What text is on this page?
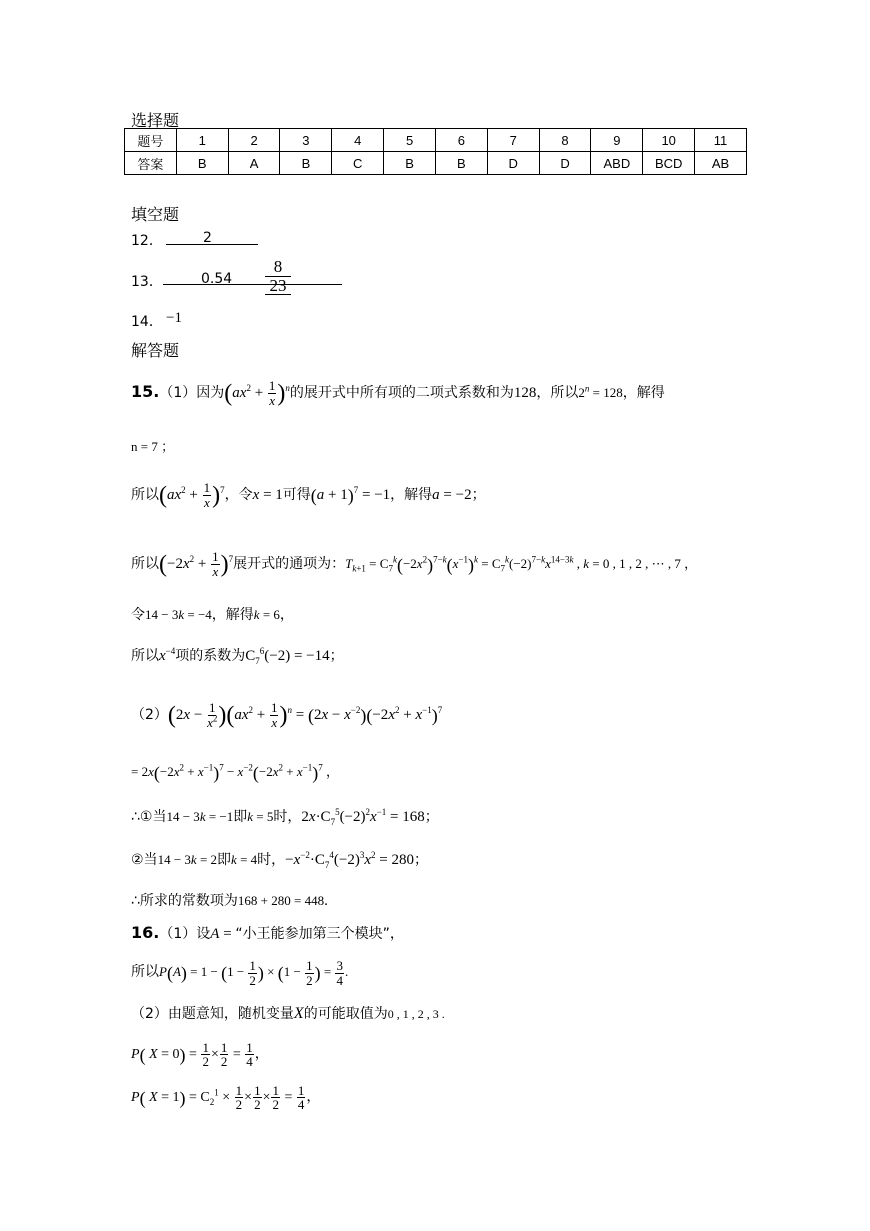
选择题
题号	1	2	3	4	5	6	7	8	9	10	11
答案	B	A	B	C	B	B	D	D	ABD	BCD	AB
填空题
12．	2
13．	$0.54 \frac{8}{23}$
14． −1
解答题
15.（1）因为$(ax^2 + \frac{1}{x} )^n$的展开式中所有项的二项式系数和为128，所以$2^n = 128$，解得
n = 7 ；
所以$(ax^2 + \frac{1}{x} )^7$，令x = 1可得$(a + 1)^7 = -1$，解得a = −2；
所以$(-2x^2 + \frac{1}{x} )^7$展开式的通项为：$T_{k+1} = C_7^k(-2x^2)^{7-k}(x^{-1})^k = C_7^k(-2)^{7-k}x^{14-3k}$ , k = 0 , 1 , 2 , ⋯ , 7 ，
令14 − 3k = −4，解得k = 6，
所以$x^{-4}$项的系数为$C_7^6(-2) = -14$；
$(2)(2x - \frac{1}{x^2} )(ax^2 + \frac{1}{x} )^n = (2x - x^{-2})(-2x^2 + x^{-1})^7$
= $2x(-2x^2 + x^{-1})^7 - x^{-2}(-2x^2 + x^{-1})^7$ ，
∴①当14 − 3k = −1即k = 5时，$2x\cdot C_7^5(-2)^2x^{-1} = 168$；
②当14 − 3k = 2即k = 4时，$-x^{-2}\cdot C_7^4(-2)^3x^2 = 280$；
∴所求的常数项为168 + 280 = 448.
16.（1）设A = “小王能参加第三个模块”，
所以$P(A) = 1 - (1 - \frac{1}{2}$ ) × ($1 - \frac{1}{2}$ ) = $\frac{3}{4}$ .
（2）由题意知，随机变量X的可能取值为0 , 1 , 2 , 3 .
P( $X = 0) = \frac{1}{2} \times \frac{1}{2} = \frac{1}{4}$ ，
P( $X = 1) = C_2^1 \times \frac{1}{2} \times \frac{1}{2} \times \frac{1}{2} = \frac{1}{4}$ ，
